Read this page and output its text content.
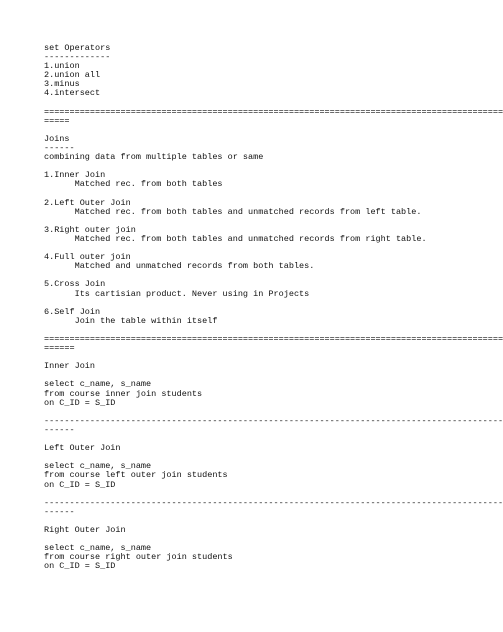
set Operators
-------------
1.union
2.union all
3.minus
4.intersect
==========================================================================================
=====
Joins
------
combining data from multiple tables or same
1.Inner Join
Matched rec. from both tables
2.Left Outer Join
Matched rec. from both tables and unmatched records from left table.
3.Right outer join
Matched rec. from both tables and unmatched records from right table.
4.Full outer join
Matched and unmatched records from both tables.
5.Cross Join
Its cartisian product. Never using in Projects
6.Self Join
Join the table within itself
==========================================================================================
======
Inner Join
select c_name, s_name
from course inner join students
on C_ID = S_ID
------------------------------------------------------------------------------------------
------
Left Outer Join
select c_name, s_name
from course left outer join students
on C_ID = S_ID
------------------------------------------------------------------------------------------
------
Right Outer Join
select c_name, s_name
from course right outer join students
on C_ID = S_ID
